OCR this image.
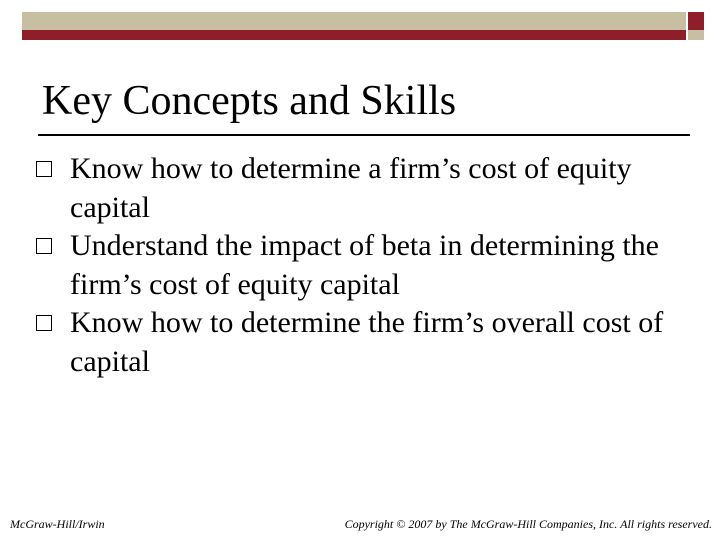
Key Concepts and Skills
Know how to determine a firm’s cost of equity capital
Understand the impact of beta in determining the firm’s cost of equity capital
Know how to determine the firm’s overall cost of capital
McGraw-Hill/Irwin	Copyright © 2007 by The McGraw-Hill Companies, Inc. All rights reserved.
